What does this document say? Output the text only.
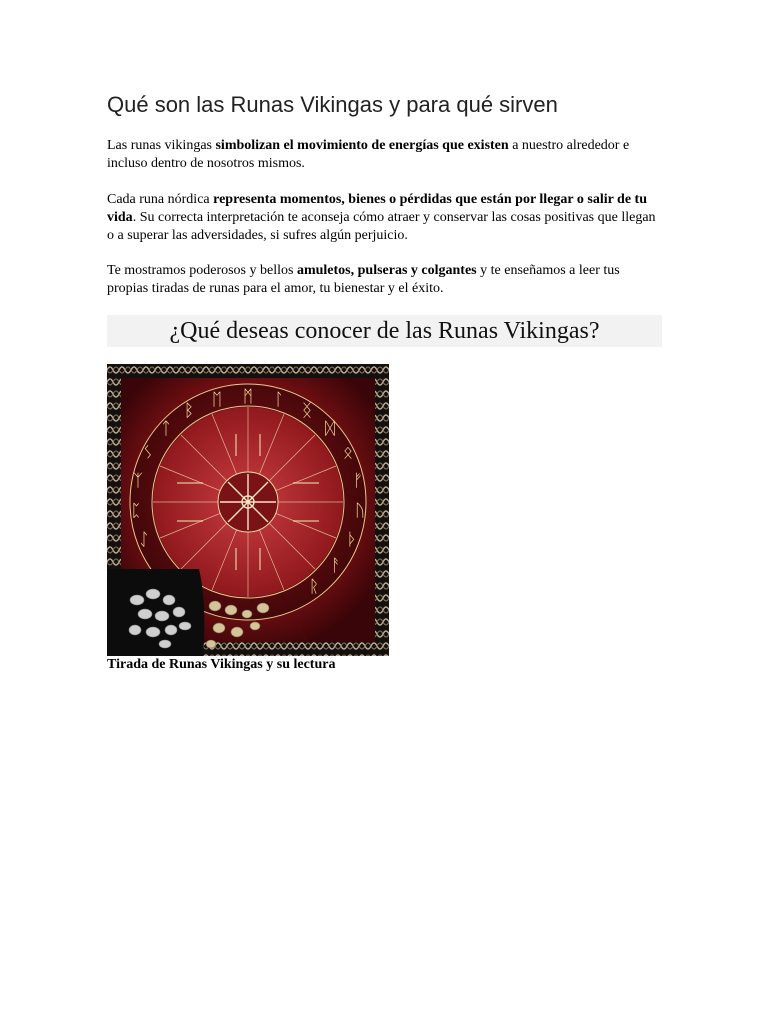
Qué son las Runas Vikingas y para qué sirven

Las runas vikingas simbolizan el movimiento de energías que existen a nuestro alrededor e incluso dentro de nosotros mismos.

Cada runa nórdica representa momentos, bienes o pérdidas que están por llegar o salir de tu vida. Su correcta interpretación te aconseja cómo atraer y conservar las cosas positivas que llegan o a superar las adversidades, si sufres algún perjuicio.

Te mostramos poderosos y bellos amuletos, pulseras y colgantes y te enseñamos a leer tus propias tiradas de runas para el amor, tu bienestar y el éxito.

¿Qué deseas conocer de las Runas Vikingas?
ᛗ ᛚ
ᛝ
ᛞ
ᛟ
ᚠ
ᚢ
ᚦ
ᚨ
ᚱ
ᛖ
ᛒ
ᛏ
ᛊ
ᛉ
ᛈ
ᛇ

Tirada de Runas Vikingas y su lectura
